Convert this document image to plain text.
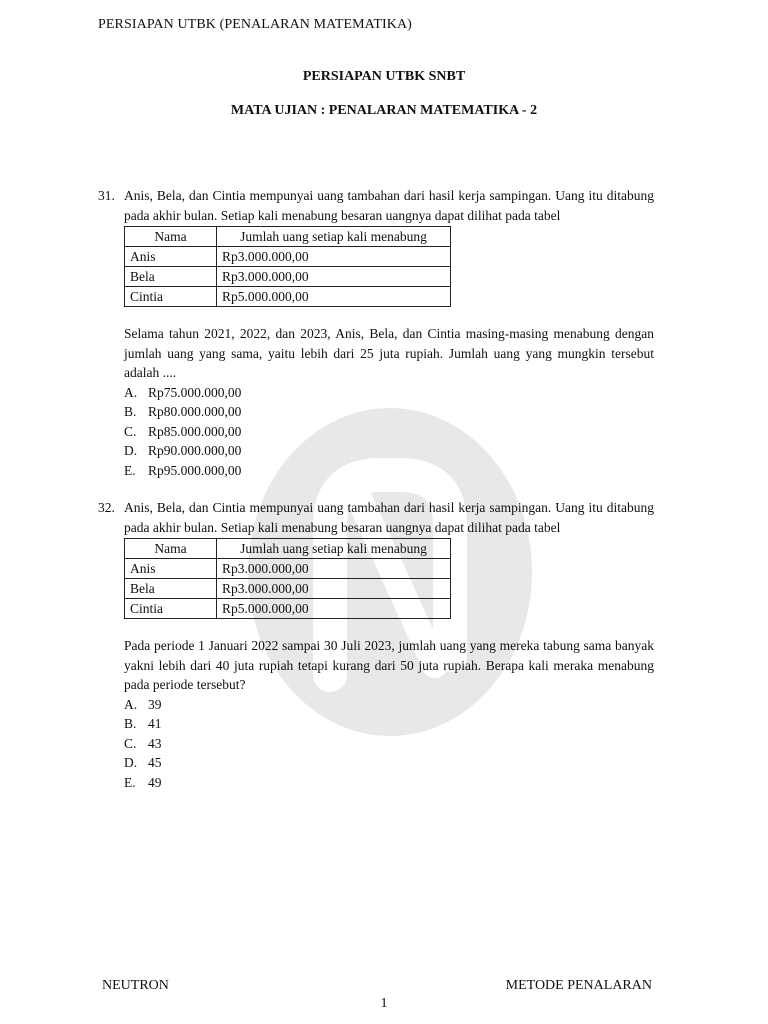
PERSIAPAN UTBK (PENALARAN MATEMATIKA)
PERSIAPAN UTBK SNBT
MATA UJIAN : PENALARAN MATEMATIKA - 2
31. Anis, Bela, dan Cintia mempunyai uang tambahan dari hasil kerja sampingan. Uang itu ditabung pada akhir bulan. Setiap kali menabung besaran uangnya dapat dilihat pada tabel

Nama	Jumlah uang setiap kali menabung
Anis	Rp3.000.000,00
Bela	Rp3.000.000,00
Cintia	Rp5.000.000,00

Selama tahun 2021, 2022, dan 2023, Anis, Bela, dan Cintia masing-masing menabung dengan jumlah uang yang sama, yaitu lebih dari 25 juta rupiah. Jumlah uang yang mungkin tersebut adalah ....

A. Rp75.000.000,00
B. Rp80.000.000,00
C. Rp85.000.000,00
D. Rp90.000.000,00
E. Rp95.000.000,00
32. Anis, Bela, dan Cintia mempunyai uang tambahan dari hasil kerja sampingan. Uang itu ditabung pada akhir bulan. Setiap kali menabung besaran uangnya dapat dilihat pada tabel

Nama	Jumlah uang setiap kali menabung
Anis	Rp3.000.000,00
Bela	Rp3.000.000,00
Cintia	Rp5.000.000,00

Pada periode 1 Januari 2022 sampai 30 Juli 2023, jumlah uang yang mereka tabung sama banyak yakni lebih dari 40 juta rupiah tetapi kurang dari 50 juta rupiah. Berapa kali meraka menabung pada periode tersebut?

A. 39
B. 41
C. 43
D. 45
E. 49
NEUTRON	METODE PENALARAN
1
